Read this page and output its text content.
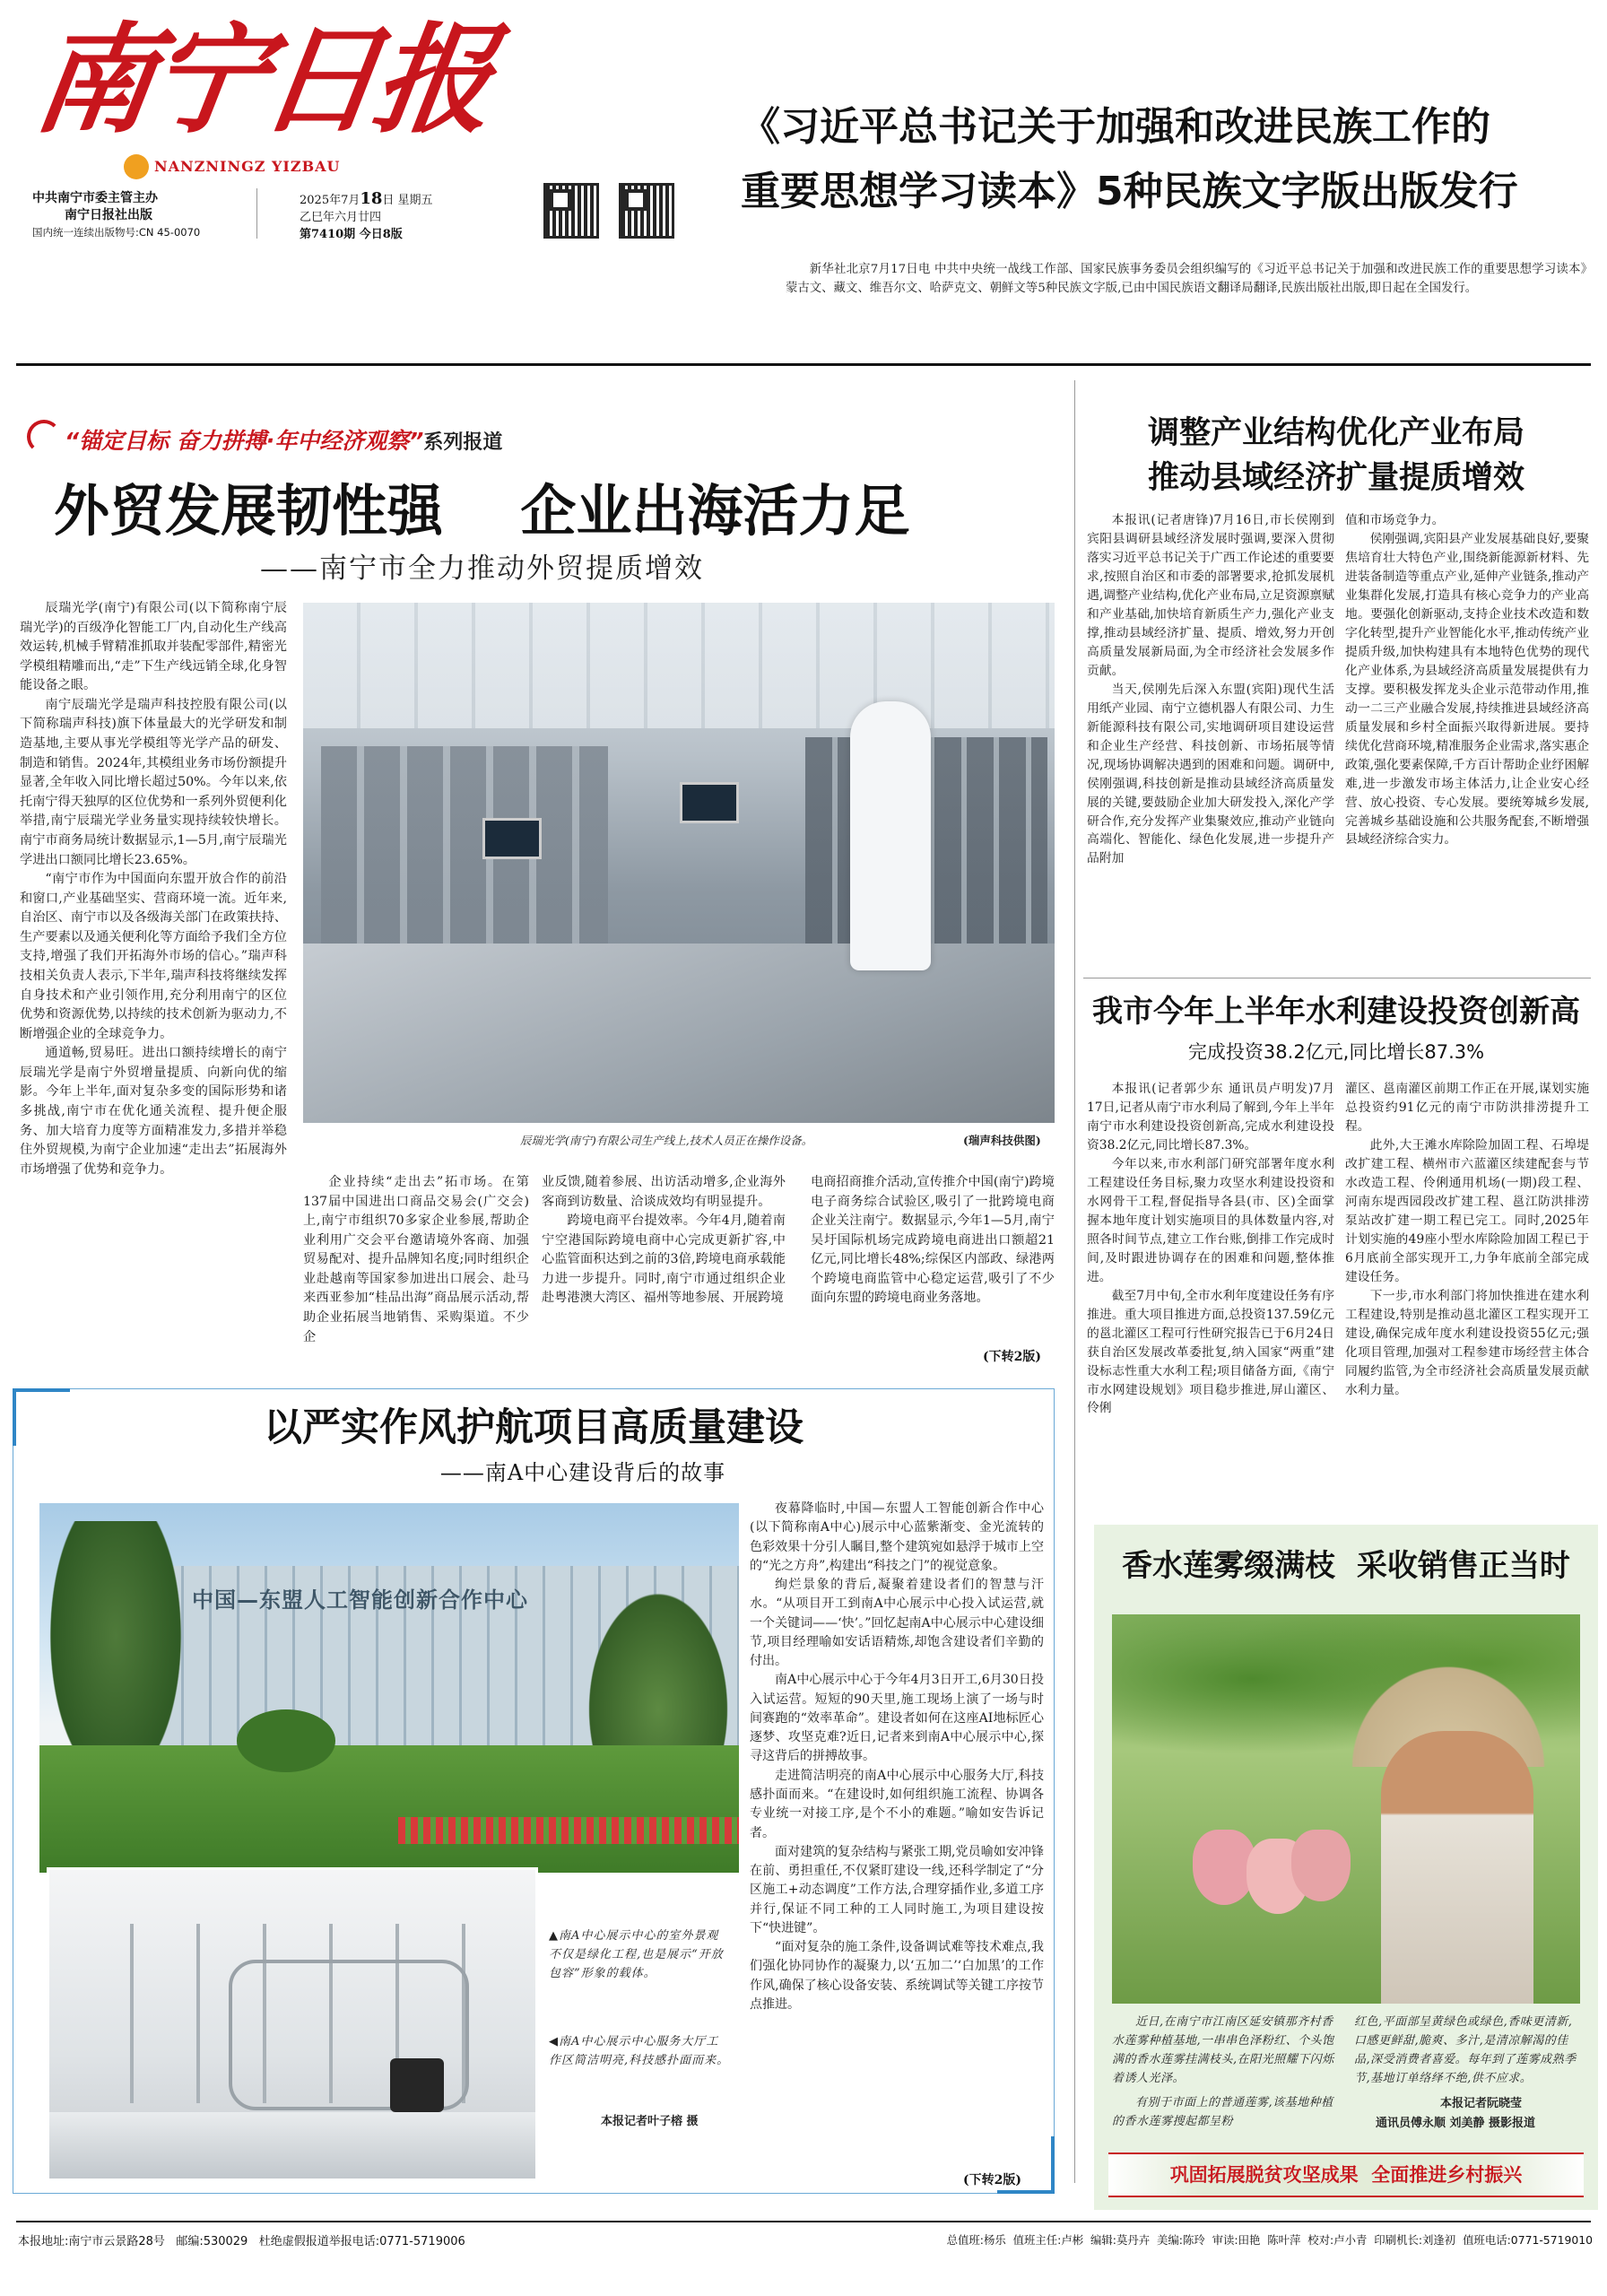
南宁日报
NANZNINGZ YIZBAU
中共南宁市委主管主办
南宁日报社出版
国内统一连续出版物号:CN 45-0070
2025年7月18日 星期五
乙巳年六月廿四
第7410期 今日8版
《习近平总书记关于加强和改进民族工作的
重要思想学习读本》5种民族文字版出版发行
新华社北京7月17日电 中共中央统一战线工作部、国家民族事务委员会组织编写的《习近平总书记关于加强和改进民族工作的重要思想学习读本》蒙古文、藏文、维吾尔文、哈萨克文、朝鲜文等5种民族文字版,已由中国民族语文翻译局翻译,民族出版社出版,即日起在全国发行。
“锚定目标 奋力拼搏·年中经济观察”系列报道
外贸发展韧性强    企业出海活力足
——南宁市全力推动外贸提质增效

辰瑞光学(南宁)有限公司(以下简称南宁辰瑞光学)的百级净化智能工厂内,自动化生产线高效运转,机械手臂精准抓取并装配零部件,精密光学模组精雕而出,“走”下生产线远销全球,化身智能设备之眼。

南宁辰瑞光学是瑞声科技控股有限公司(以下简称瑞声科技)旗下体量最大的光学研发和制造基地,主要从事光学模组等光学产品的研发、制造和销售。2024年,其模组业务市场份额提升显著,全年收入同比增长超过50%。今年以来,依托南宁得天独厚的区位优势和一系列外贸便利化举措,南宁辰瑞光学业务量实现持续较快增长。南宁市商务局统计数据显示,1—5月,南宁辰瑞光学进出口额同比增长23.65%。

“南宁市作为中国面向东盟开放合作的前沿和窗口,产业基础坚实、营商环境一流。近年来,自治区、南宁市以及各级海关部门在政策扶持、生产要素以及通关便利化等方面给予我们全方位支持,增强了我们开拓海外市场的信心。”瑞声科技相关负责人表示,下半年,瑞声科技将继续发挥自身技术和产业引领作用,充分利用南宁的区位优势和资源优势,以持续的技术创新为驱动力,不断增强企业的全球竞争力。

通道畅,贸易旺。进出口额持续增长的南宁辰瑞光学是南宁外贸增量提质、向新向优的缩影。今年上半年,面对复杂多变的国际形势和诸多挑战,南宁市在优化通关流程、提升便企服务、加大培育力度等方面精准发力,多措并举稳住外贸规模,为南宁企业加速“走出去”拓展海外市场增强了优势和竞争力。

辰瑞光学(南宁)有限公司生产线上,技术人员正在操作设备。	(瑞声科技供图)

企业持续“走出去”拓市场。在第137届中国进出口商品交易会(广交会)上,南宁市组织70多家企业参展,帮助企业利用广交会平台邀请境外客商、加强贸易配对、提升品牌知名度;同时组织企业赴越南等国家参加进出口展会、赴马来西亚参加“桂品出海”商品展示活动,帮助企业拓展当地销售、采购渠道。不少企

业反馈,随着参展、出访活动增多,企业海外客商到访数量、洽谈成效均有明显提升。

跨境电商平台提效率。今年4月,随着南宁空港国际跨境电商中心完成更新扩容,中心监管面积达到之前的3倍,跨境电商承载能力进一步提升。同时,南宁市通过组织企业赴粤港澳大湾区、福州等地参展、开展跨境

电商招商推介活动,宣传推介中国(南宁)跨境电子商务综合试验区,吸引了一批跨境电商企业关注南宁。数据显示,今年1—5月,南宁吴圩国际机场完成跨境电商进出口额超21亿元,同比增长48%;综保区内部政、绿港两个跨境电商监管中心稳定运营,吸引了不少面向东盟的跨境电商业务落地。

(下转2版)
调整产业结构优化产业布局
推动县域经济扩量提质增效

本报讯(记者唐锋)7月16日,市长侯刚到宾阳县调研县域经济发展时强调,要深入贯彻落实习近平总书记关于广西工作论述的重要要求,按照自治区和市委的部署要求,抢抓发展机遇,调整产业结构,优化产业布局,立足资源禀赋和产业基础,加快培育新质生产力,强化产业支撑,推动县域经济扩量、提质、增效,努力开创高质量发展新局面,为全市经济社会发展多作贡献。

当天,侯刚先后深入东盟(宾阳)现代生活用纸产业园、南宁立德机器人有限公司、力生新能源科技有限公司,实地调研项目建设运营和企业生产经营、科技创新、市场拓展等情况,现场协调解决遇到的困难和问题。调研中,侯刚强调,科技创新是推动县域经济高质量发展的关键,要鼓励企业加大研发投入,深化产学研合作,充分发挥产业集聚效应,推动产业链向高端化、智能化、绿色化发展,进一步提升产品附加

值和市场竞争力。

侯刚强调,宾阳县产业发展基础良好,要聚焦培育壮大特色产业,围绕新能源新材料、先进装备制造等重点产业,延伸产业链条,推动产业集群化发展,打造具有核心竞争力的产业高地。要强化创新驱动,支持企业技术改造和数字化转型,提升产业智能化水平,推动传统产业提质升级,加快构建具有本地特色优势的现代化产业体系,为县域经济高质量发展提供有力支撑。要积极发挥龙头企业示范带动作用,推动一二三产业融合发展,持续推进县域经济高质量发展和乡村全面振兴取得新进展。要持续优化营商环境,精准服务企业需求,落实惠企政策,强化要素保障,千方百计帮助企业纾困解难,进一步激发市场主体活力,让企业安心经营、放心投资、专心发展。要统筹城乡发展,完善城乡基础设施和公共服务配套,不断增强县域经济综合实力。

我市今年上半年水利建设投资创新高
完成投资38.2亿元,同比增长87.3%

本报讯(记者郭少东 通讯员卢明发)7月17日,记者从南宁市水利局了解到,今年上半年南宁市水利建设投资创新高,完成水利建设投资38.2亿元,同比增长87.3%。

今年以来,市水利部门研究部署年度水利工程建设任务目标,聚力攻坚水利建设投资和水网骨干工程,督促指导各县(市、区)全面掌握本地年度计划实施项目的具体数量内容,对照各时间节点,建立工作台账,倒排工作完成时间,及时跟进协调存在的困难和问题,整体推进。

截至7月中旬,全市水利年度建设任务有序推进。重大项目推进方面,总投资137.59亿元的邕北灌区工程可行性研究报告已于6月24日获自治区发展改革委批复,纳入国家“两重”建设标志性重大水利工程;项目储备方面,《南宁市水网建设规划》项目稳步推进,屏山灌区、伶俐

灌区、邕南灌区前期工作正在开展,谋划实施总投资约91亿元的南宁市防洪排涝提升工程。

此外,大王滩水库除险加固工程、石埠堤改扩建工程、横州市六蓝灌区续建配套与节水改造工程、伶俐通用机场(一期)段工程、河南东堤西园段改扩建工程、邕江防洪排涝泵站改扩建一期工程已完工。同时,2025年计划实施的49座小型水库除险加固工程已于6月底前全部实现开工,力争年底前全部完成建设任务。

下一步,市水利部门将加快推进在建水利工程建设,特别是推动邕北灌区工程实现开工建设,确保完成年度水利建设投资55亿元;强化项目管理,加强对工程参建市场经营主体合同履约监管,为全市经济社会高质量发展贡献水利力量。

以严实作风护航项目高质量建设
——南A中心建设背后的故事
中国—东盟人工智能创新合作中心
▲南A中心展示中心的室外景观不仅是绿化工程,也是展示“开放包容”形象的载体。
◀南A中心展示中心服务大厅工作区简洁明亮,科技感扑面而来。
本报记者叶子榕 摄

夜幕降临时,中国—东盟人工智能创新合作中心(以下简称南A中心)展示中心蓝紫渐变、金光流转的色彩效果十分引人瞩目,整个建筑宛如悬浮于城市上空的“光之方舟”,构建出“科技之门”的视觉意象。

绚烂景象的背后,凝聚着建设者们的智慧与汗水。“从项目开工到南A中心展示中心投入试运营,就一个关键词——‘快’。”回忆起南A中心展示中心建设细节,项目经理喻如安话语精炼,却饱含建设者们辛勤的付出。

南A中心展示中心于今年4月3日开工,6月30日投入试运营。短短的90天里,施工现场上演了一场与时间赛跑的“效率革命”。建设者如何在这座AI地标匠心逐梦、攻坚克难?近日,记者来到南A中心展示中心,探寻这背后的拼搏故事。

走进简洁明亮的南A中心展示中心服务大厅,科技感扑面而来。“在建设时,如何组织施工流程、协调各专业统一对接工序,是个不小的难题。”喻如安告诉记者。

面对建筑的复杂结构与紧张工期,党员喻如安冲锋在前、勇担重任,不仅紧盯建设一线,还科学制定了“分区施工+动态调度”工作方法,合理穿插作业,多道工序并行,保证不同工种的工人同时施工,为项目建设按下“快进键”。

“面对复杂的施工条件,设备调试难等技术难点,我们强化协同协作的凝聚力,以‘五加二’‘白加黑’的工作作风,确保了核心设备安装、系统调试等关键工序按节点推进。

(下转2版)
香水莲雾缀满枝  采收销售正当时
近日,在南宁市江南区延安镇那齐村香水莲雾种植基地,一串串色泽粉红、个头饱满的香水莲雾挂满枝头,在阳光照耀下闪烁着诱人光泽。
有别于市面上的普通莲雾,该基地种植的香水莲雾搜起都呈粉
红色,平面部呈黄绿色或绿色,香味更清新,口感更鲜甜,脆爽、多汁,是清凉解渴的佳品,深受消费者喜爱。每年到了莲雾成熟季节,基地订单络绎不绝,供不应求。
本报记者阮晓莹
通讯员傅永顺 刘美静 摄影报道
巩固拓展脱贫攻坚成果  全面推进乡村振兴
本报地址:南宁市云景路28号   邮编:530029   杜绝虚假报道举报电话:0771-5719006	总值班:杨乐  值班主任:卢彬  编辑:莫丹卉  美编:陈玲  审读:田艳  陈叶萍  校对:卢小青  印刷机长:刘逢初  值班电话:0771-5719010
